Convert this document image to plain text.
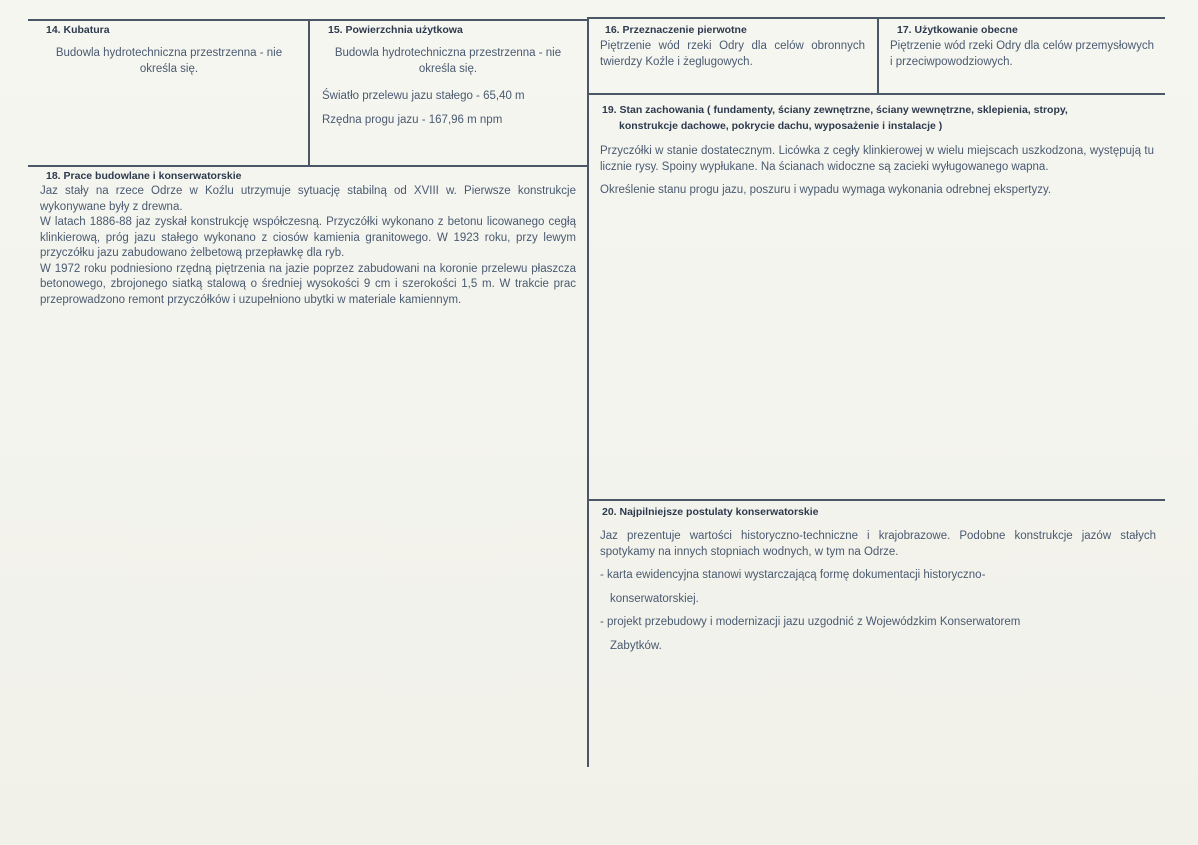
14. Kubatura
Budowla hydrotechniczna przestrzenna - nie określa się.
15. Powierzchnia użytkowa
Budowla hydrotechniczna przestrzenna - nie określa się.
Światło przelewu jazu stałego - 65,40 m
Rzędna progu jazu - 167,96 m npm
16. Przeznaczenie pierwotne
Piętrzenie wód rzeki Odry dla celów obronnych twierdzy Koźle i żeglugowych.
17. Użytkowanie obecne
Piętrzenie wód rzeki Odry dla celów przemysłowych i przeciwpowodziowych.
18. Prace budowlane i konserwatorskie

Jaz stały na rzece Odrze w Koźlu utrzymuje sytuację stabilną od XVIII w. Pierwsze konstrukcje wykonywane były z drewna.

W latach 1886-88 jaz zyskał konstrukcję współczesną. Przyczółki wykonano z betonu licowanego cegłą klinkierową, próg jazu stałego wykonano z ciosów kamienia granitowego. W 1923 roku, przy lewym przyczółku jazu zabudowano żelbetową przepławkę dla ryb.

W 1972 roku podniesiono rzędną piętrzenia na jazie poprzez zabudowani na koronie przelewu płaszcza betonowego, zbrojonego siatką stalową o średniej wysokości 9 cm i szerokości 1,5 m. W trakcie prac przeprowadzono remont przyczółków i uzupełniono ubytki w materiale kamiennym.

19. Stan zachowania ( fundamenty, ściany zewnętrzne, ściany wewnętrzne, sklepienia, stropy,
konstrukcje dachowe, pokrycie dachu, wyposażenie i instalacje )

Przyczółki w stanie dostatecznym. Licówka z cegły klinkierowej w wielu miejscach uszkodzona, występują tu licznie rysy. Spoiny wypłukane. Na ścianach widoczne są zacieki wyługowanego wapna.

Określenie stanu progu jazu, poszuru i wypadu wymaga wykonania odrebnej ekspertyzy.

20. Najpilniejsze postulaty konserwatorskie

Jaz prezentuje wartości historyczno-techniczne i krajobrazowe. Podobne konstrukcje jazów stałych spotykamy na innych stopniach wodnych, w tym na Odrze.

- karta ewidencyjna stanowi wystarczającą formę dokumentacji historyczno-

konserwatorskiej.

- projekt przebudowy i modernizacji jazu uzgodnić z Wojewódzkim Konserwatorem

Zabytków.
